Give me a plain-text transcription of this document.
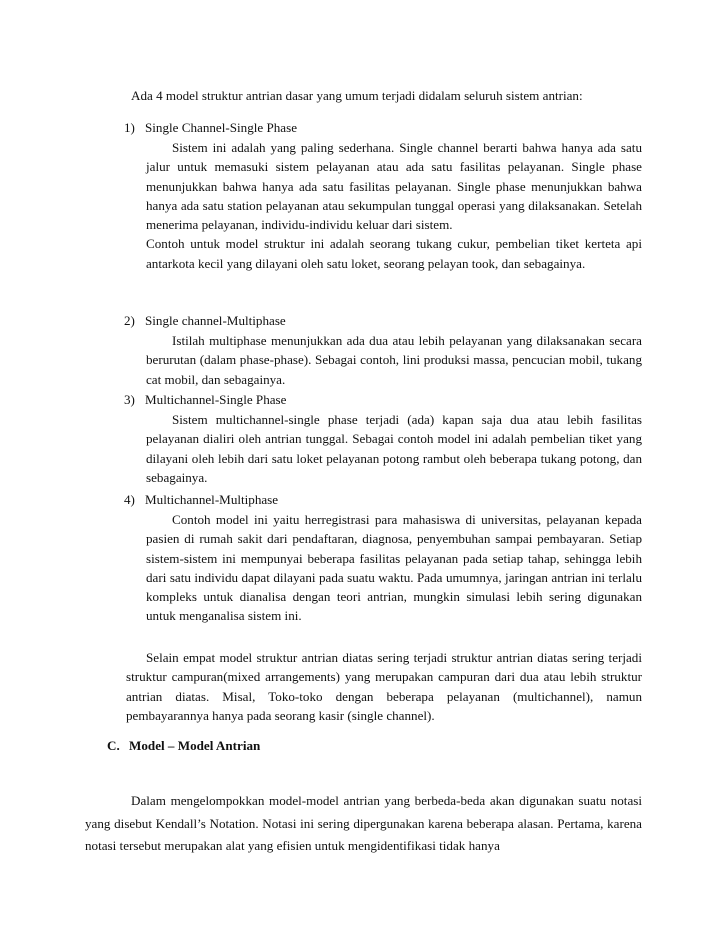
Ada 4 model struktur antrian dasar yang umum terjadi didalam seluruh sistem antrian:
1) Single Channel-Single Phase

Sistem ini adalah yang paling sederhana. Single channel berarti bahwa hanya ada satu jalur untuk memasuki sistem pelayanan atau ada satu fasilitas pelayanan. Single phase menunjukkan bahwa hanya ada satu fasilitas pelayanan. Single phase menunjukkan bahwa hanya ada satu station pelayanan atau sekumpulan tunggal operasi yang dilaksanakan. Setelah menerima pelayanan, individu-individu keluar dari sistem.

Contoh untuk model struktur ini adalah seorang tukang cukur, pembelian tiket kerteta api antarkota kecil yang dilayani oleh satu loket, seorang pelayan took, dan sebagainya.

2) Single channel-Multiphase

Istilah multiphase menunjukkan ada dua atau lebih pelayanan yang dilaksanakan secara berurutan (dalam phase-phase). Sebagai contoh, lini produksi massa, pencucian mobil, tukang cat mobil, dan sebagainya.

3) Multichannel-Single Phase

Sistem multichannel-single phase terjadi (ada) kapan saja dua atau lebih fasilitas pelayanan dialiri oleh antrian tunggal. Sebagai contoh model ini adalah pembelian tiket yang dilayani oleh lebih dari satu loket pelayanan potong rambut oleh beberapa tukang potong, dan sebagainya.

4) Multichannel-Multiphase

Contoh model ini yaitu herregistrasi para mahasiswa di universitas, pelayanan kepada pasien di rumah sakit dari pendaftaran, diagnosa, penyembuhan sampai pembayaran. Setiap sistem-sistem ini mempunyai beberapa fasilitas pelayanan pada setiap tahap, sehingga lebih dari satu individu dapat dilayani pada suatu waktu. Pada umumnya, jaringan antrian ini terlalu kompleks untuk dianalisa dengan teori antrian, mungkin simulasi lebih sering digunakan untuk menganalisa sistem ini.

Selain empat model struktur antrian diatas sering terjadi struktur antrian diatas sering terjadi struktur campuran(mixed arrangements) yang merupakan campuran dari dua atau lebih struktur antrian diatas. Misal, Toko-toko dengan beberapa pelayanan (multichannel), namun pembayarannya hanya pada seorang kasir (single channel).
C. Model – Model Antrian
Dalam mengelompokkan model-model antrian yang berbeda-beda akan digunakan suatu notasi yang disebut Kendall’s Notation. Notasi ini sering dipergunakan karena beberapa alasan. Pertama, karena notasi tersebut merupakan alat yang efisien untuk mengidentifikasi tidak hanya
